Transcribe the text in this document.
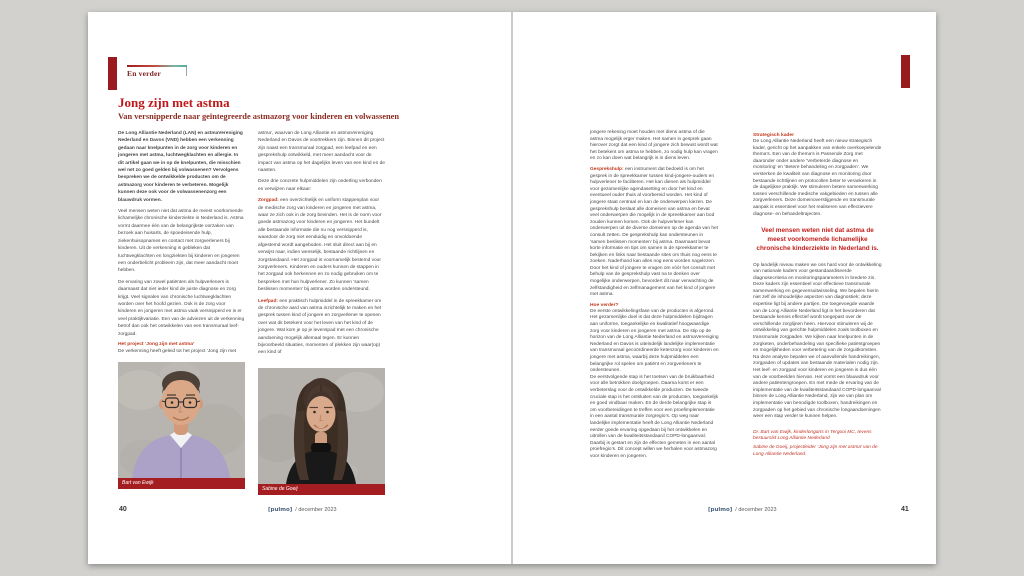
En verder
Jong zijn met astma
Van versnipperde naar geïntegreerde astmazorg voor kinderen en volwassenen

De Long Alliantie Nederland (LAN) en astmaVereniging Nederland en Davos (VND) hebben een verkenning gedaan naar knelpunten in de zorg voor kinderen en jongeren met astma, luchtwegklachten en allergie. In dit artikel gaan we in op de knelpunten, die misschien wel net zo goed gelden bij volwassenen? Vervolgens bespreken we de ontwikkelde producten om de astmazorg voor kinderen te verbeteren. Mogelijk kunnen deze ook voor de volwassenenzorg een blauwdruk vormen.

Veel mensen weten niet dat astma de meest voorkomende lichamelijke chronische kinderziekte in Nederland is. Astma vormt daarmee één van de belangrijkste oorzaken van bezoek aan huisarts, de spoedeisende hulp, ziekenhuisopnames en contact met zorgverleners bij kinderen. Uit de verkenning is gebleken dat luchtwegklachten en longziekten bij kinderen en jongeren een onderbelicht probleem zijn, dat meer aandacht moet hebben.

De ervaring van zowel patiënten als hulpverleners is daarnaast dat niet ieder kind de juiste diagnose en zorg krijgt. Veel signalen van chronische luchtwegklachten worden over het hoofd gezien. Ook is de zorg voor kinderen en jongeren met astma vaak versnipperd en is er veel praktijkvariatie. Een van de adviezen uit de verkenning betrof dan ook het ontwikkelen van een transmuraal leef-zorgpad.

Het project ‘Jong zijn met astma’

De verkenning heeft geleid tot het project ‘Jong zijn met

Bart van Ewijk

astma’, waarvan de Long Alliantie en astmaVereniging Nederland en Davos de voortrekkers zijn. Binnen dit project zijn naast een transmuraal zorgpad, een leefpad en een gesprekshulp ontwikkeld, met meer aandacht voor de impact van astma op het dagelijks leven van een kind en de naasten.

Deze drie concrete hulpmiddelen zijn onderling verbonden en verwijzen naar elkaar:

Zorgpad: een overzichtelijk en uniform stappenplan voor de medische zorg van kinderen en jongeren met astma, waar ze zich ook in de zorg bevinden. Het is de norm voor goede astmazorg voor kinderen en jongeren. Het bundelt alle bestaande informatie die nu nog versnipperd is, waardoor de zorg niet eenduidig en onvoldoende afgestemd wordt aangeboden. Het sluit direct aan bij en verwijst naar, indien wenselijk, bestaande richtlijnen en zorgstandaard. Het zorgpad is voornamelijk bestemd voor zorgverleners. Kinderen en ouders kunnen de stappen in het zorgpad ook herkennen en zo nodig gebruiken om te bespreken met hun hulpverlener. Zo kunnen ‘samen beslissen momenten’ bij astma worden ondersteund.

Leefpad: een praktisch hulpmiddel in de spreekkamer om de chronische aard van astma inzichtelijk te maken en het gesprek tussen kind of jongere en zorgverlener te openen over wat dit betekent voor het leven van het kind of de jongere. Wat kom je op je levenspad met een chronische aandoening mogelijk allemaal tegen. Er kunnen bijvoorbeeld situaties, momenten of plekken zijn waar(op) een kind of

Sabine de Goeij
40	[pulmo] / december 2023

jongere rekening moet houden met diens astma of die astma mogelijk erger maken. Het samen in gesprek gaan hierover zorgt dat een kind of jongere zich bewust wordt wat het betekent om astma te hebben, zo nodig hulp kan vragen en zo kan doen wat belangrijk is in diens leven.

Gesprekshulp: een instrument dat bedoeld is om het gesprek in de spreekkamer tussen kind-jongere-ouders en hulpverlener te faciliteren. Het kan dienen als hulpmiddel voor gezamenlijke agendasetting en door het kind en eventueel ouder thuis al voorbereid worden. Het kind of jongere staat centraal en kan de onderwerpen kiezen. De gesprekshulp beslaat alle domeinen van astma en bevat veel onderwerpen die mogelijk in de spreekkamer aan bod zouden kunnen komen. Ook de hulpverlener kan onderwerpen uit de diverse domeinen op de agenda van het consult zetten. De gesprekshulp kan ondersteunen in ‘samen beslissen momenten’ bij astma. Daarnaast bevat korte informatie en tips om samen in de spreekkamer te bekijken en links naar bestaande sites om thuis nog eens te zoeken. Naderhand kan alles nog eens worden nagelezen. Door het kind of jongere te vragen om vóór het consult met behulp van de gesprekshulp vast na te denken over mogelijke onderwerpen, bevordert dit naar verwachting de zelfstandigheid en zelfmanagement van het kind of jongere met astma.

Hoe verder?

De eerste ontwikkelingsfase van de producten is afgerond. Het gezamenlijke doel is dat deze hulpmiddelen bijdragen aan uniforme, toegankelijke en kwalitatief hoogwaardige zorg voor kinderen en jongeren met astma. De stip op de horizon van de Long Alliantie Nederland en astmaVereniging Nederland en Davos is uiteindelijk landelijke implementatie van transmuraal gecoördineerde ketenzorg voor kinderen en jongere met astma, waarbij deze hulpmiddelen een belangrijke rol spelen om patiënt en zorgverleners te ondersteunen.

De eerstvolgende stap is het toetsen van de bruikbaarheid voor alle betrokken doelgroepen. Daarna komt er een verbeterslag voor de ontwikkelde producten. De tweede cruciale stap is het ontsluiten van de producten, toegankelijk en goed vindbaar maken. En de derde belangrijke stap is om voorbereidingen te treffen voor een proefimplementatie in een aantal transmurale zorgregio’s. Op weg naar landelijke implementatie heeft de Long Alliantie Nederland eerder goede ervaring opgedaan bij het ontwikkelen en uitrollen van de kwaliteitsstandaard COPD-longaanval. Daarbij is gestart en zijn de effecten gemeten in een aantal proefregio’s. Dit concept willen we herhalen voor astmazorg voor kinderen en jongeren.

Strategisch kader

De Long Alliantie Nederland heeft een nieuw strategisch kader, gericht op het aanpakken van enkele overkoepelende thema’s. Een van de thema’s is Passende Zorg met daaronder onder andere ‘Verbeterde diagnose en monitoring’ en ‘Betere behandeling en zorgpaden’. We versterken de kwaliteit van diagnose en monitoring door bestaande richtlijnen en protocollen beter te verankeren in de dagelijkse praktijk. We stimuleren betere samenwerking tussen verschillende medische vakgebieden en tussen alle zorgverleners. Deze domeinoverstijgende en transmurale aanpak is essentieel voor het realiseren van effectievere diagnose- en behandeltrajecten.

Veel mensen weten niet dat astma de meest voorkomende lichamelijke chronische kinderziekte in Nederland is.

Op landelijk niveau maken we ons hard voor de ontwikkeling van nationale kaders voor gestandaardiseerde diagnosecriteria en monitoringsparameters in bredere zin. Deze kaders zijn essentieel voor effectieve transmurale samenwerking en gegevensuitwisseling. We bepalen hierin niet zelf de inhoudelijke aspecten van diagnostiek; deze expertise ligt bij andere partijen. De toegevoegde waarde van de Long Alliantie Nederland ligt in het bevorderen dat bestaande kennis effectief wordt toegepast over de verschillende zorglijnen heen. Hiervoor stimuleren wij de ontwikkeling van gerichte hulpmiddelen zoals toolboxen en transmurale zorgpaden. We kijken naar knelpunten in de zorgketen, onderbehandeling van specifieke patiëntgroepen en mogelijkheden voor verbetering van de zorguitkomsten. Na deze analyse bepalen we of aanvullende handreikingen, zorgpaden of updates van bestaande materialen nodig zijn. Het leef- en zorgpad voor kinderen en jongeren is dus één van de voorbeelden hiervan. Het vormt een blauwdruk voor andere patiëntengroepen. En met mede de ervaring van de implementatie van de kwaliteitsstandaard COPD-longaanval binnen de Long Alliantie Nederland, zijn we van plan om implementatie van benodigde toolboxen, handreikingen en zorgpaden op het gebied van chronische longaandoeningen weer een stap verder te kunnen helpen.

Dr. Bart van Ewijk, kinderlongarts in Tergooi MC, tevens bestuurslid Long Alliantie Nederland

Sabine de Goeij, projectleider ‘Jong zijn met astma’ van de Long Alliantie Nederland.

[pulmo] / december 2023	41
